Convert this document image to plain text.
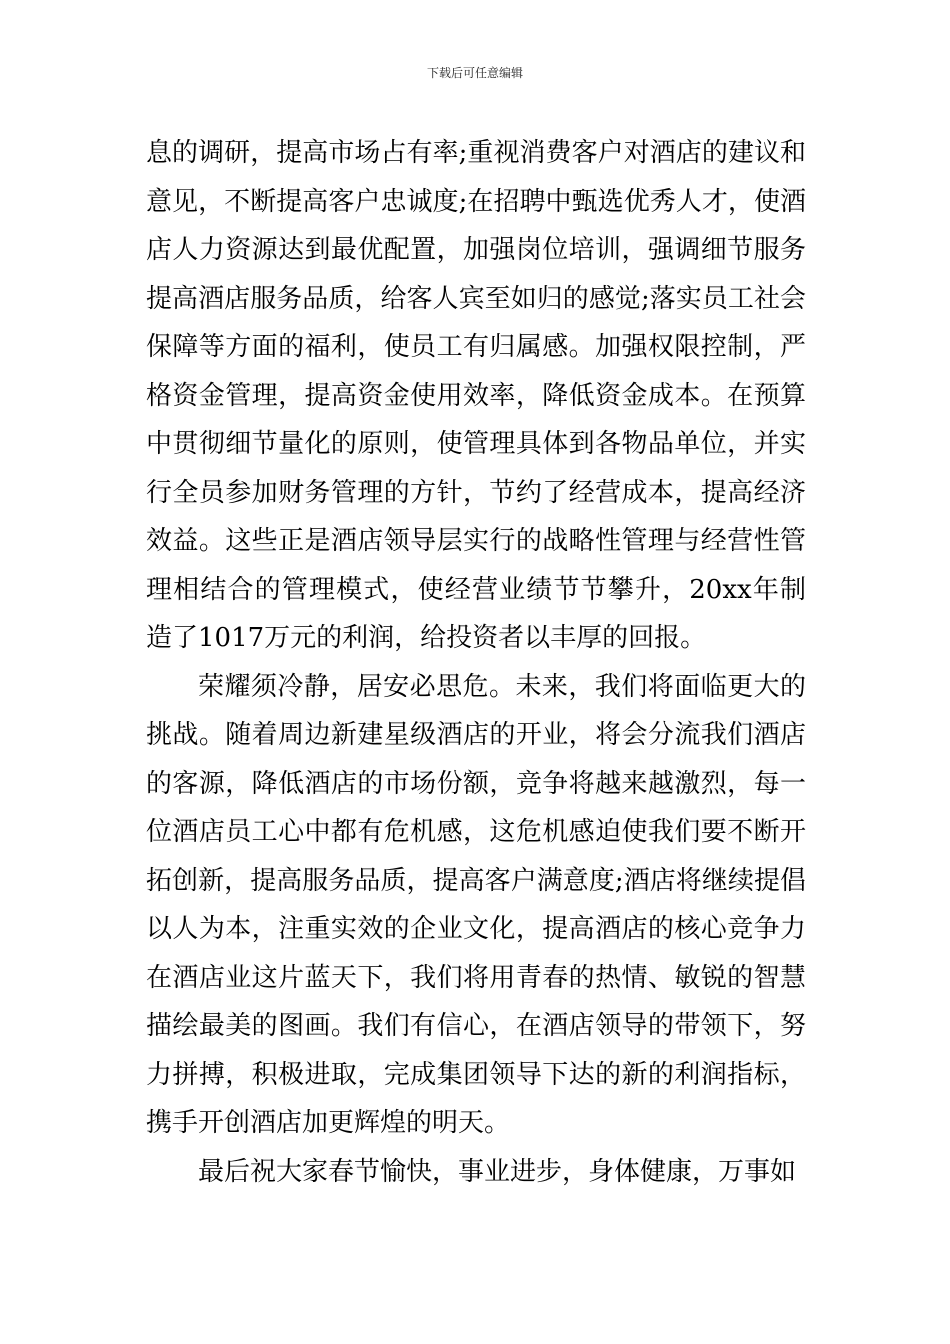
下载后可任意编辑

息的调研，提高市场占有率;重视消费客户对酒店的建议和意见，不断提高客户忠诚度;在招聘中甄选优秀人才，使酒店人力资源达到最优配置，加强岗位培训，强调细节服务提高酒店服务品质，给客人宾至如归的感觉;落实员工社会保障等方面的福利，使员工有归属感。加强权限控制，严格资金管理，提高资金使用效率，降低资金成本。在预算中贯彻细节量化的原则，使管理具体到各物品单位，并实行全员参加财务管理的方针，节约了经营成本，提高经济效益。这些正是酒店领导层实行的战略性管理与经营性管理相结合的管理模式，使经营业绩节节攀升，20xx年制造了1017万元的利润，给投资者以丰厚的回报。

荣耀须冷静，居安必思危。未来，我们将面临更大的挑战。随着周边新建星级酒店的开业，将会分流我们酒店的客源，降低酒店的市场份额，竞争将越来越激烈，每一位酒店员工心中都有危机感，这危机感迫使我们要不断开拓创新，提高服务品质，提高客户满意度;酒店将继续提倡以人为本，注重实效的企业文化，提高酒店的核心竞争力在酒店业这片蓝天下，我们将用青春的热情、敏锐的智慧描绘最美的图画。我们有信心，在酒店领导的带领下，努力拼搏，积极进取，完成集团领导下达的新的利润指标，携手开创酒店加更辉煌的明天。

最后祝大家春节愉快，事业进步，身体健康，万事如
